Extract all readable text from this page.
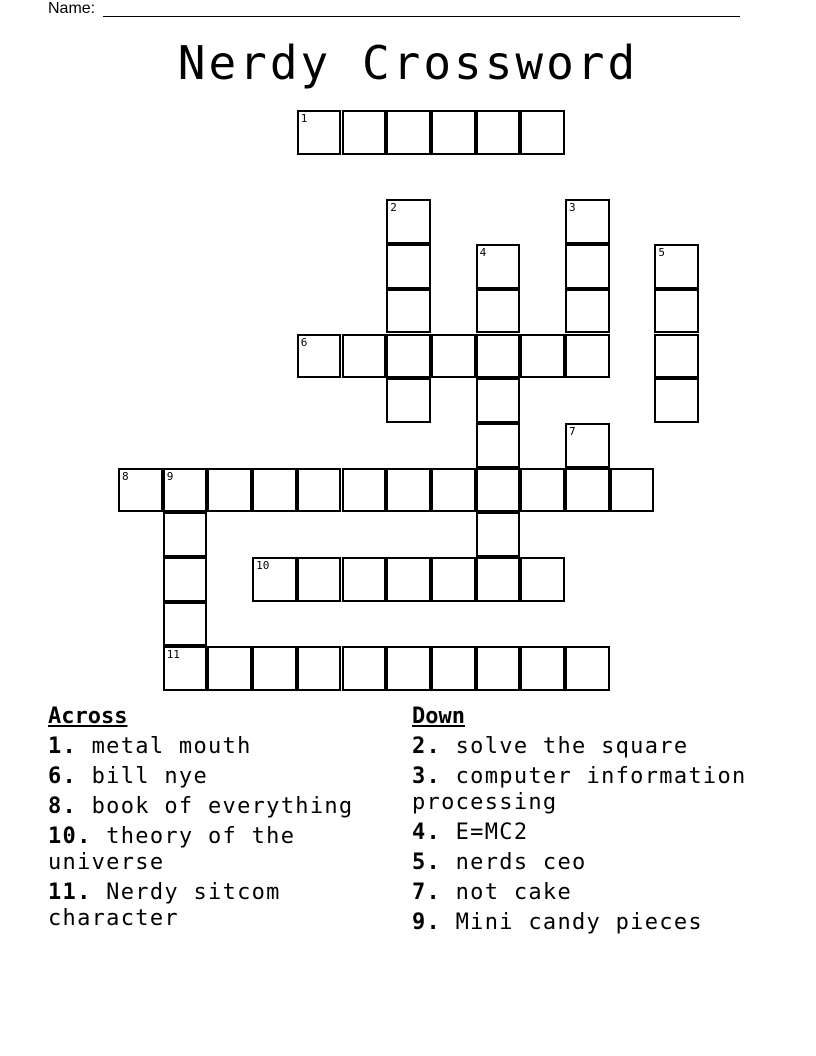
Name:
Nerdy Crossword
1
2	3
4	5
6
7
8	9
11
10
Across
1. metal mouth
6. bill nye
8. book of everything
10. theory of the universe
11. Nerdy sitcom character
Down
2. solve the square
3. computer information processing
4. E=MC2
5. nerds ceo
7. not cake
9. Mini candy pieces
